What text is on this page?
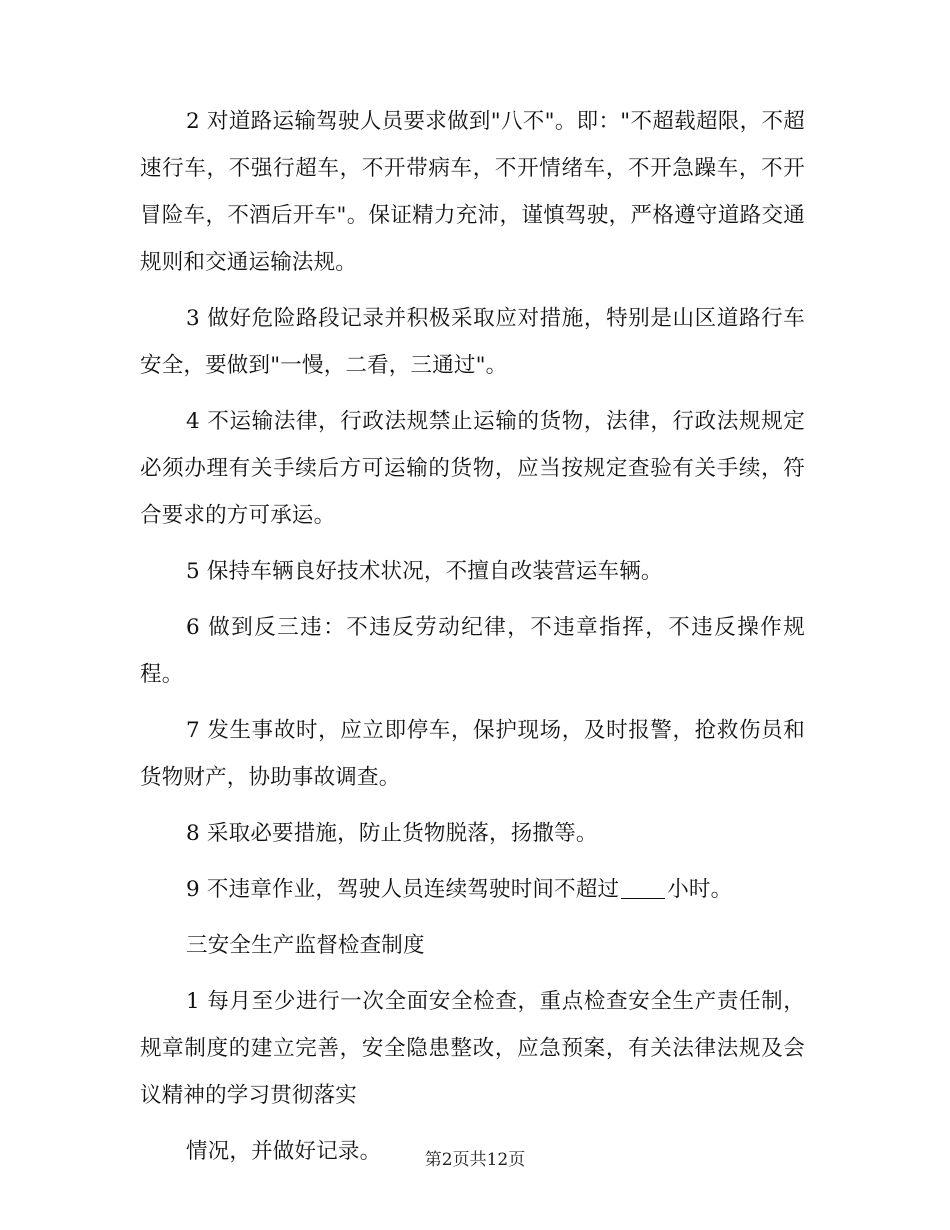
2 对道路运输驾驶人员要求做到"八不"。即："不超载超限，不超速行车，不强行超车，不开带病车，不开情绪车，不开急躁车，不开冒险车，不酒后开车"。保证精力充沛，谨慎驾驶，严格遵守道路交通规则和交通运输法规。

3 做好危险路段记录并积极采取应对措施，特别是山区道路行车安全，要做到"一慢，二看，三通过"。

4 不运输法律，行政法规禁止运输的货物，法律，行政法规规定必须办理有关手续后方可运输的货物，应当按规定查验有关手续，符合要求的方可承运。

5 保持车辆良好技术状况，不擅自改装营运车辆。

6 做到反三违：不违反劳动纪律，不违章指挥，不违反操作规程。

7 发生事故时，应立即停车，保护现场，及时报警，抢救伤员和货物财产，协助事故调查。

8 采取必要措施，防止货物脱落，扬撒等。

9 不违章作业，驾驶人员连续驾驶时间不超过 小时。

三安全生产监督检查制度

1 每月至少进行一次全面安全检查，重点检查安全生产责任制，规章制度的建立完善，安全隐患整改，应急预案，有关法律法规及会议精神的学习贯彻落实

情况，并做好记录。	第2页共12页
